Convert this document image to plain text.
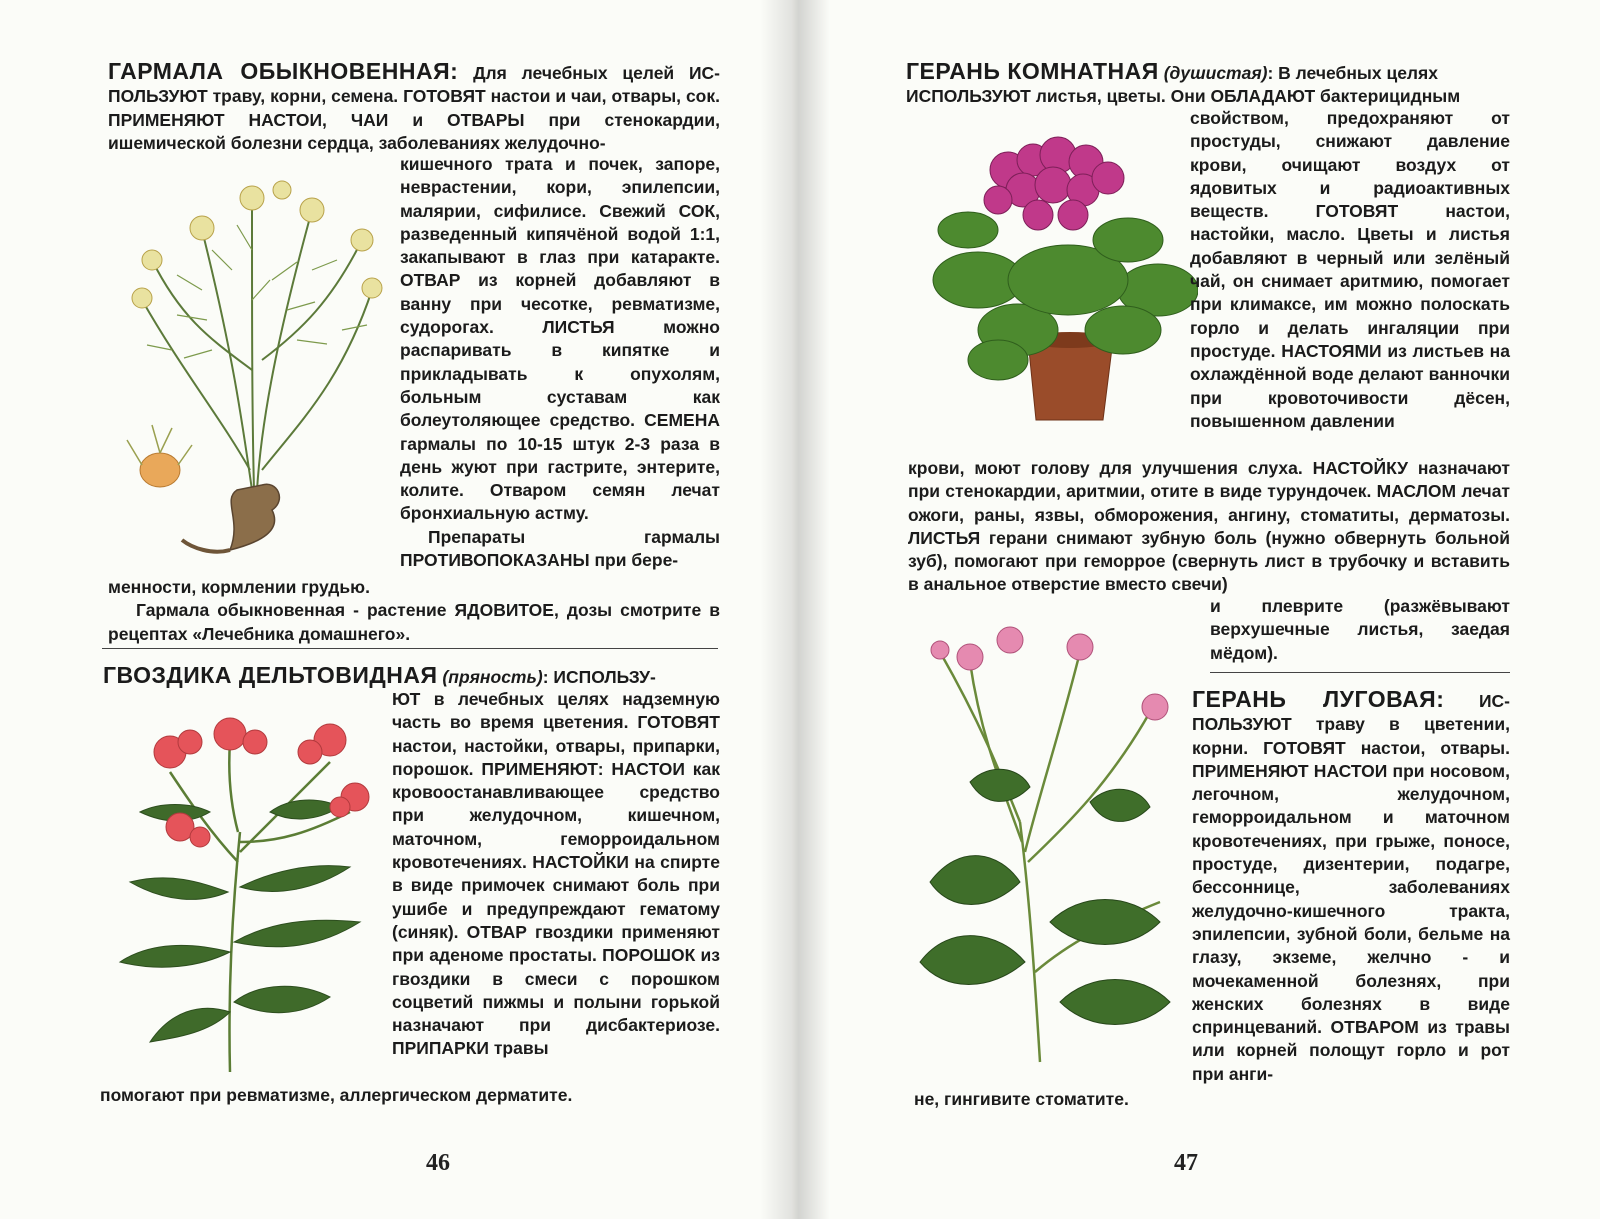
ГАРМАЛА ОБЫКНОВЕННАЯ: Для лечебных целей ИС- ПОЛЬЗУЮТ траву, корни, семена. ГОТОВЯТ настои и чаи, отвары, сок. ПРИМЕНЯЮТ НАСТОИ, ЧАИ и ОТВАРЫ при стенокардии, ишемической болезни сердца, заболеваниях желудочно-

кишечного трата и почек, запоре, неврастении, кори, эпилепсии, малярии, сифилисе. Свежий СОК, разведенный кипячёной водой 1:1, закапывают в глаз при катаракте. ОТВАР из корней добавляют в ванну при чесотке, ревматизме, судорогах. ЛИСТЬЯ можно распаривать в кипятке и прикладывать к опухолям, больным суставам как болеутоляющее средство. СЕМЕНА гармалы по 10-15 штук 2-3 раза в день жуют при гастрите, энтерите, колите. Отваром семян лечат бронхиальную астму.
Препараты гармалы ПРОТИВОПОКАЗАНЫ при бере-

менности, кормлении грудью.
Гармала обыкновенная - растение ЯДОВИТОЕ, дозы смотрите в рецептах «Лечебника домашнего».

ГВОЗДИКА ДЕЛЬТОВИДНАЯ (пряность): ИСПОЛЬЗУ-

ЮТ в лечебных целях надземную часть во время цветения. ГОТОВЯТ настои, настойки, отвары, припарки, порошок. ПРИМЕНЯЮТ: НАСТОИ как кровоостанавливающее средство при желудочном, кишечном, маточном, геморроидальном кровотечениях. НАСТОЙКИ на спирте в виде примочек снимают боль при ушибе и предупреждают гематому (синяк). ОТВАР гвоздики применяют при аденоме простаты. ПОРОШОК из гвоздики в смеси с порошком соцветий пижмы и полыни горькой назначают при дисбактериозе. ПРИПАРКИ травы

помогают при ревматизме, аллергическом дерматите.

46

ГЕРАНЬ КОМНАТНАЯ (душистая): В лечебных целях
ИСПОЛЬЗУЮТ листья, цветы. Они ОБЛАДАЮТ бактерицидным

свойством, предохраняют от простуды, снижают давление крови, очищают воздух от ядовитых и радиоактивных веществ. ГОТОВЯТ настои, настойки, масло. Цветы и листья добавляют в черный или зелёный чай, он снимает аритмию, помогает при климаксе, им можно полоскать горло и делать ингаляции при простуде. НАСТОЯМИ из листьев на охлаждённой воде делают ванночки при кровоточивости дёсен, повышенном давлении

крови, моют голову для улучшения слуха. НАСТОЙКУ назначают при стенокардии, аритмии, отите в виде турундочек. МАСЛОМ лечат ожоги, раны, язвы, обморожения, ангину, стоматиты, дерматозы. ЛИСТЬЯ герани снимают зубную боль (нужно обвернуть больной зуб), помогают при геморрое (свернуть лист в трубочку и вставить в анальное отверстие вместо свечи)

и плеврите (разжёвывают верхушечные листья, заедая мёдом).

ГЕРАНЬ ЛУГОВАЯ: ИС- ПОЛЬЗУЮТ траву в цветении, корни. ГОТОВЯТ настои, отвары. ПРИМЕНЯЮТ НАСТОИ при носовом, легочном, желудочном, геморроидальном и маточном кровотечениях, при грыже, поносе, простуде, дизентерии, подагре, бессоннице, заболеваниях желудочно-кишечного тракта, эпилепсии, зубной боли, бельме на глазу, экземе, желчно - и мочекаменной болезнях, при женских болезнях в виде спринцеваний. ОТВАРОМ из травы или корней полощут горло и рот при анги-

не, гингивите стоматите.

47
